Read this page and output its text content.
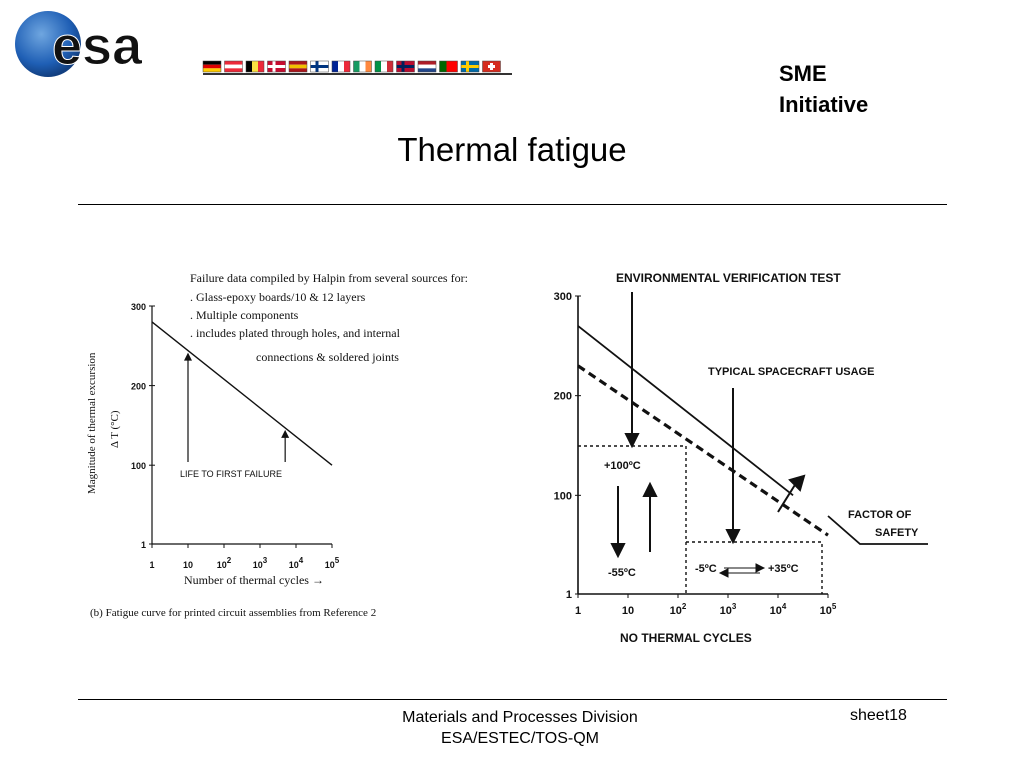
esa	SME
Initiative
Thermal fatigue
Failure data compiled by Halpin from several sources for:
. Glass-epoxy boards/10 & 12 layers
. Multiple components
. includes plated through holes, and internal
connections & soldered joints
Magnitude of thermal excursion Δ T (°C)
300
200
100
1
1	10	102 103 104 105
Number of thermal cycles →
LIFE TO FIRST FAILURE
(b) Fatigue curve for printed circuit assemblies from Reference 2
ENVIRONMENTAL VERIFICATION TEST
TYPICAL SPACECRAFT USAGE
FACTOR OF
SAFETY
300
200
100
1
1	10	$10^2$	$10^3$	$10^4$	$10^5$
NO THERMAL CYCLES
+100ºC
-55ºC	-5ºC	+35ºC
Materials and Processes Division
ESA/ESTEC/TOS-QM
sheet18
